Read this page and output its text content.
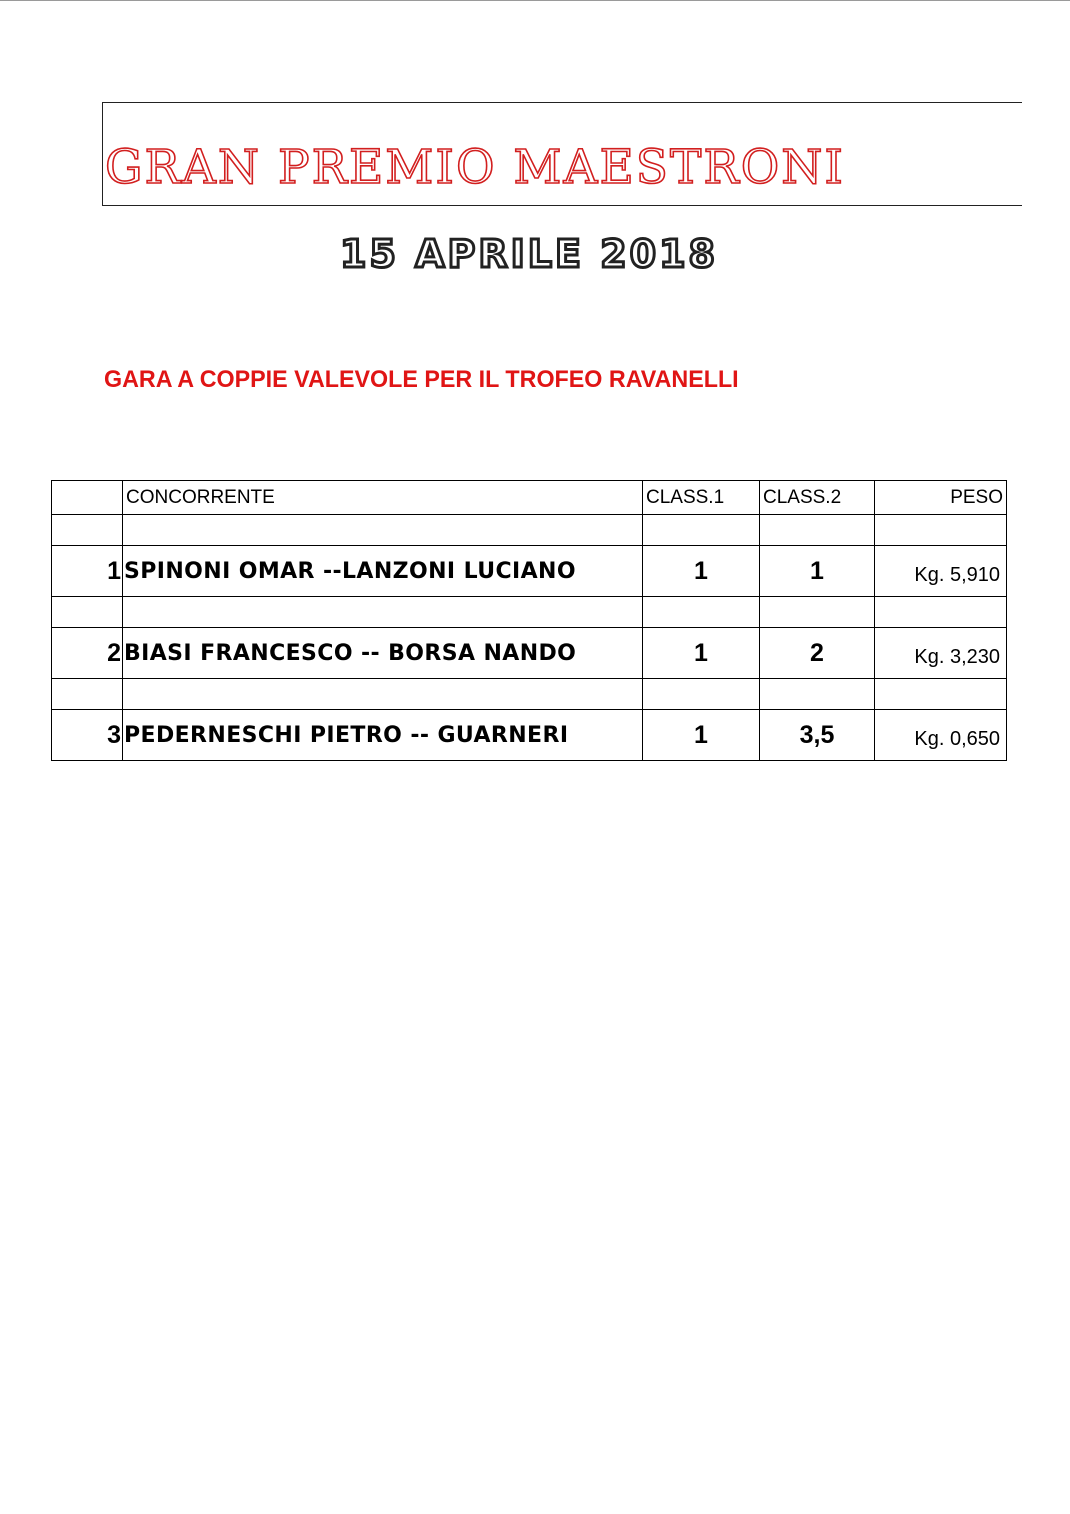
GRAN PREMIO MAESTRONI
15 APRILE 2018
GARA A COPPIE VALEVOLE PER IL TROFEO RAVANELLI
	CONCORRENTE	CLASS.1	CLASS.2	PESO

1	SPINONI OMAR --LANZONI LUCIANO	1	1	Kg. 5,910

2	BIASI FRANCESCO -- BORSA NANDO	1	2	Kg. 3,230

3	PEDERNESCHI PIETRO -- GUARNERI	1	3,5	Kg. 0,650
